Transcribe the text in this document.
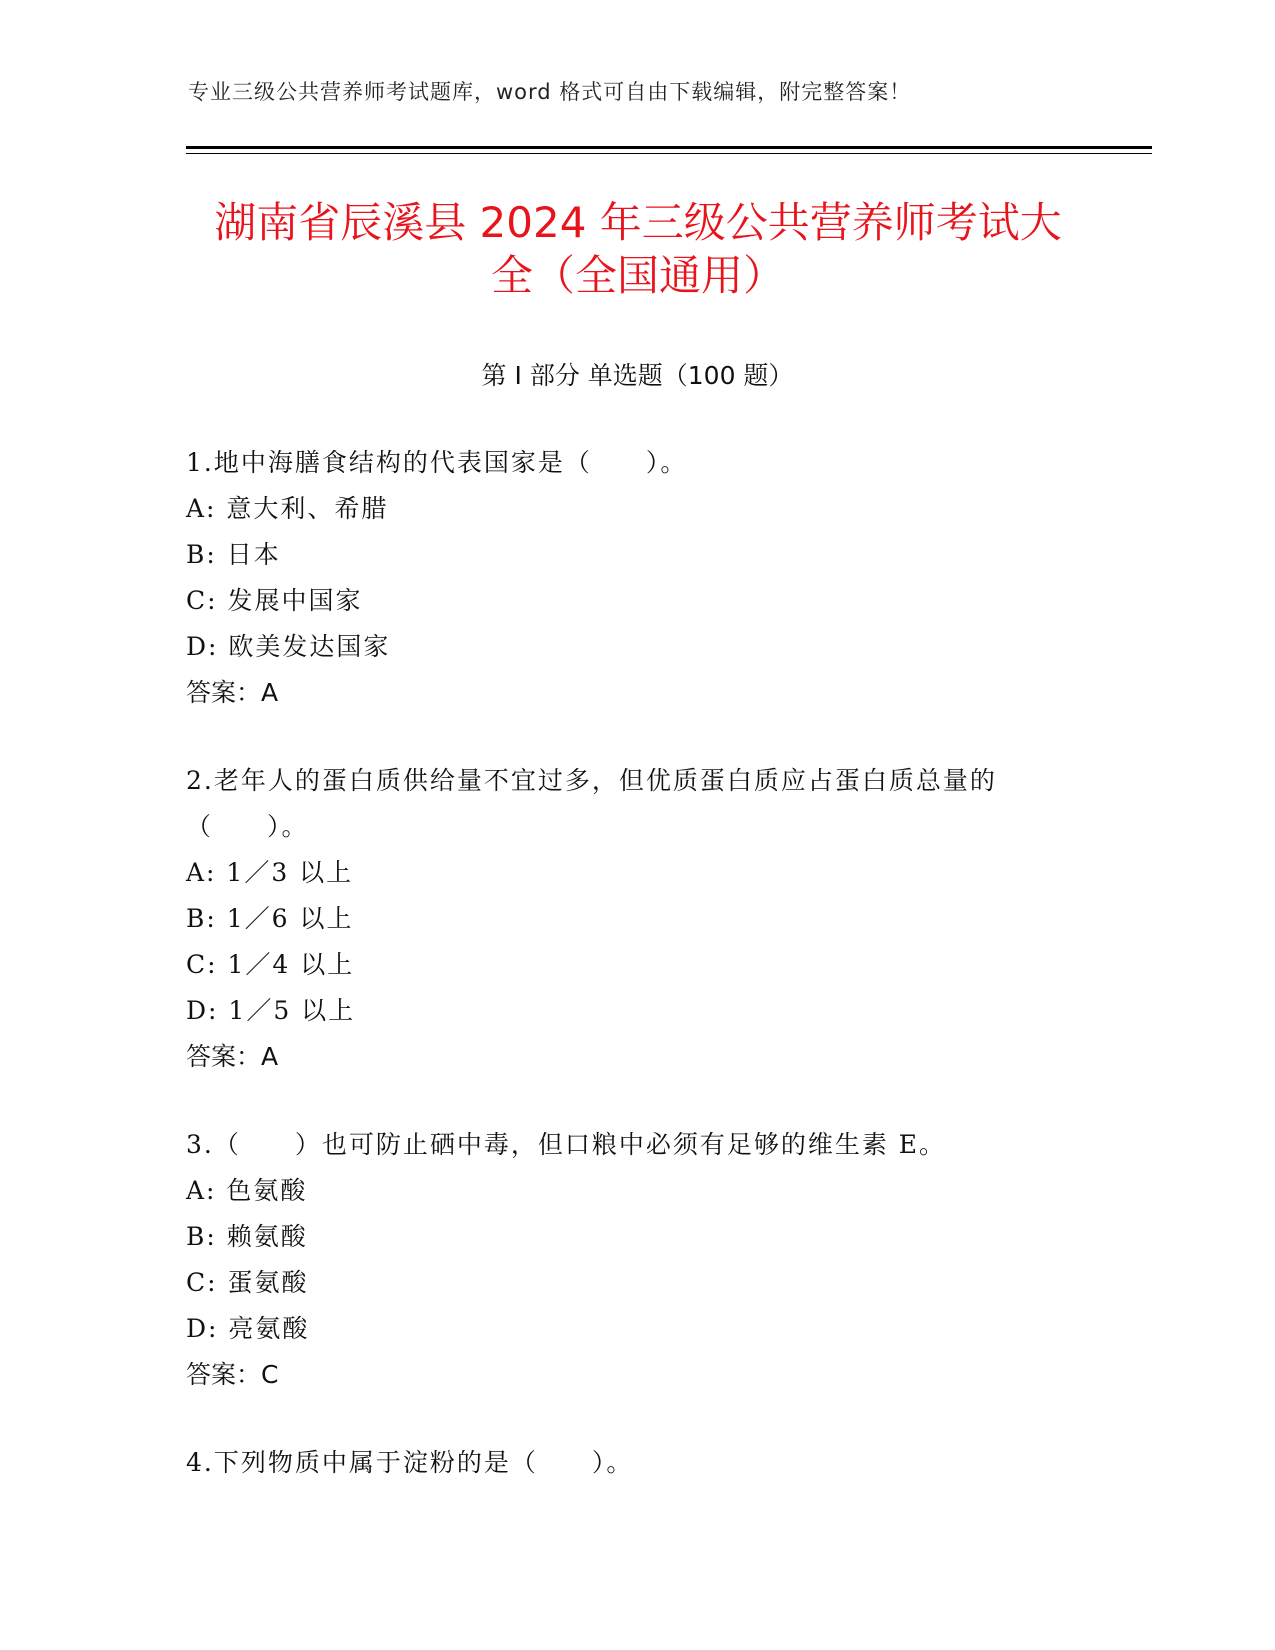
专业三级公共营养师考试题库，word 格式可自由下载编辑，附完整答案！
湖南省辰溪县 2024 年三级公共营养师考试大
全（全国通用）
第 I 部分 单选题（100 题）
1.地中海膳食结构的代表国家是（　　）。
A: 意大利、希腊
B: 日本
C: 发展中国家
D: 欧美发达国家
答案：A
2.老年人的蛋白质供给量不宜过多，但优质蛋白质应占蛋白质总量的（　　）。
A: 1／3 以上
B: 1／6 以上
C: 1／4 以上
D: 1／5 以上
答案：A
3.（　　）也可防止硒中毒，但口粮中必须有足够的维生素 E。
A: 色氨酸
B: 赖氨酸
C: 蛋氨酸
D: 亮氨酸
答案：C
4.下列物质中属于淀粉的是（　　）。
